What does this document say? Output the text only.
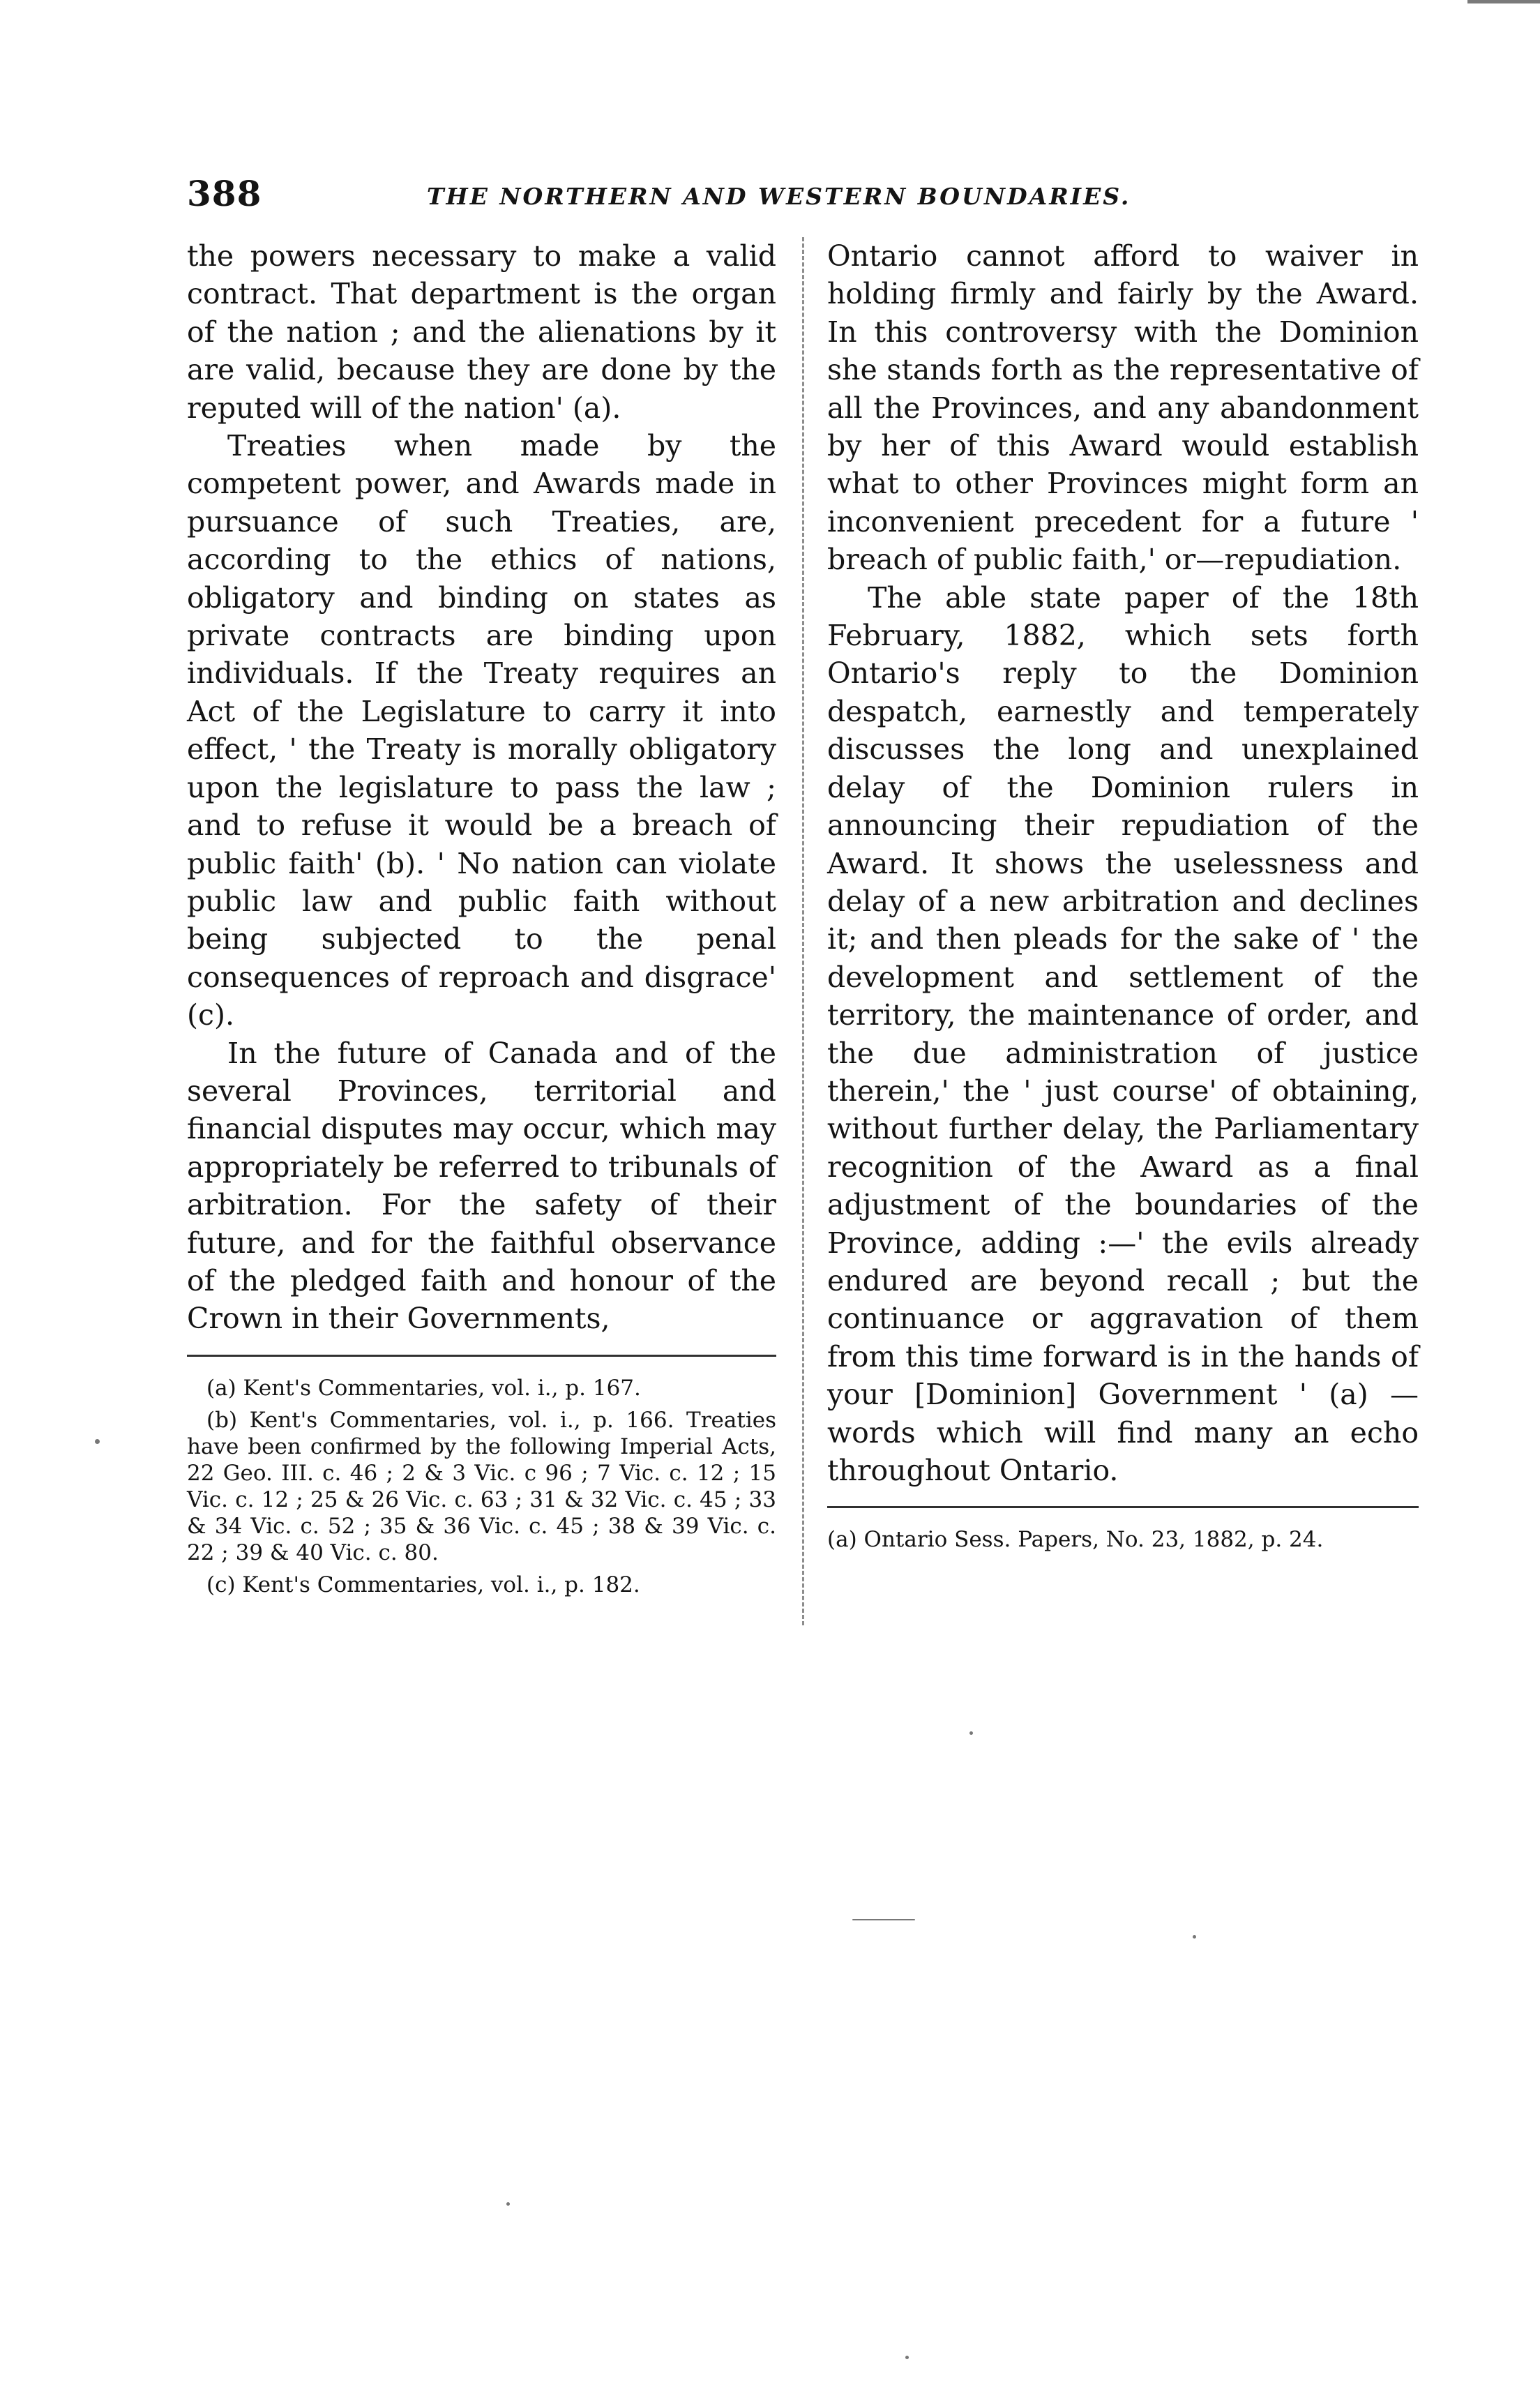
388	THE NORTHERN AND WESTERN BOUNDARIES.

the powers necessary to make a valid contract. That department is the organ of the nation ; and the alienations by it are valid, because they are done by the reputed will of the nation' (a).

Treaties when made by the competent power, and Awards made in pursuance of such Treaties, are, according to the ethics of nations, obligatory and binding on states as private contracts are binding upon individuals. If the Treaty requires an Act of the Legislature to carry it into effect, ' the Treaty is morally obligatory upon the legislature to pass the law ; and to refuse it would be a breach of public faith' (b). ' No nation can violate public law and public faith without being subjected to the penal consequences of reproach and disgrace' (c).

In the future of Canada and of the several Provinces, territorial and financial disputes may occur, which may appropriately be referred to tribunals of arbitration. For the safety of their future, and for the faithful observance of the pledged faith and honour of the Crown in their Governments,

(a) Kent's Commentaries, vol. i., p. 167.

(b) Kent's Commentaries, vol. i., p. 166. Treaties have been confirmed by the following Imperial Acts, 22 Geo. III. c. 46 ; 2 & 3 Vic. c 96 ; 7 Vic. c. 12 ; 15 Vic. c. 12 ; 25 & 26 Vic. c. 63 ; 31 & 32 Vic. c. 45 ; 33 & 34 Vic. c. 52 ; 35 & 36 Vic. c. 45 ; 38 & 39 Vic. c. 22 ; 39 & 40 Vic. c. 80.

(c) Kent's Commentaries, vol. i., p. 182.

Ontario cannot afford to waiver in holding firmly and fairly by the Award. In this controversy with the Dominion she stands forth as the representative of all the Provinces, and any abandonment by her of this Award would establish what to other Provinces might form an inconvenient precedent for a future ' breach of public faith,' or—repudiation.

The able state paper of the 18th February, 1882, which sets forth Ontario's reply to the Dominion despatch, earnestly and temperately discusses the long and unexplained delay of the Dominion rulers in announcing their repudiation of the Award. It shows the uselessness and delay of a new arbitration and declines it; and then pleads for the sake of ' the development and settlement of the territory, the maintenance of order, and the due administration of justice therein,' the ' just course' of obtaining, without further delay, the Parliamentary recognition of the Award as a final adjustment of the boundaries of the Province, adding :—' the evils already endured are beyond recall ; but the continuance or aggravation of them from this time forward is in the hands of your [Dominion] Government ' (a) —words which will find many an echo throughout Ontario.

(a) Ontario Sess. Papers, No. 23, 1882, p. 24.
